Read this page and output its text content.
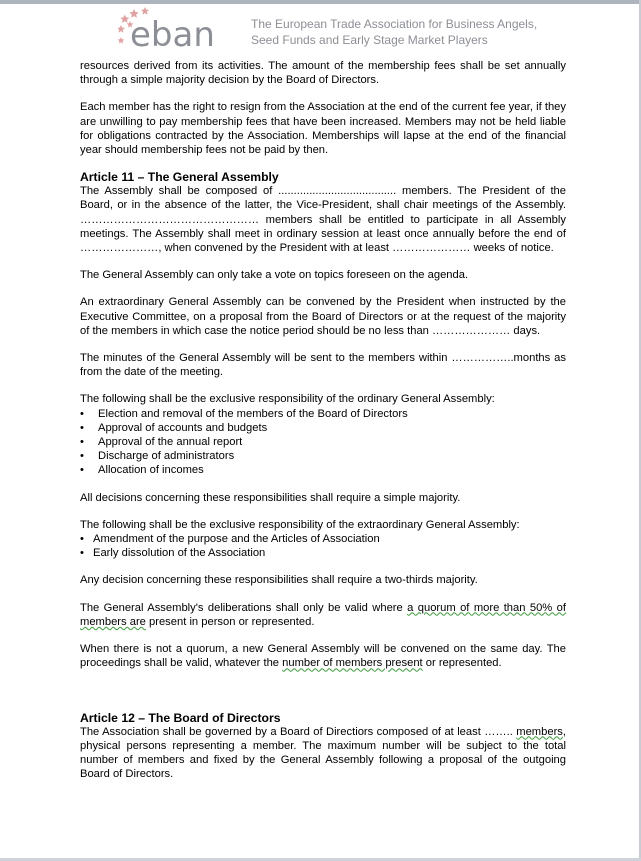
eban	The European Trade Association for Business Angels,
Seed Funds and Early Stage Market Players

resources derived from its activities. The amount of the membership fees shall be set annually through a simple majority decision by the Board of Directors.

Each member has the right to resign from the Association at the end of the current fee year, if they are unwilling to pay membership fees that have been increased. Members may not be held liable for obligations contracted by the Association. Memberships will lapse at the end of the financial year should membership fees not be paid by then.

Article 11 – The General Assembly

The Assembly shall be composed of ...................................... members. The President of the Board, or in the absence of the latter, the Vice-President, shall chair meetings of the Assembly. ………………………………………… members shall be entitled to participate in all Assembly meetings. The Assembly shall meet in ordinary session at least once annually before the end of …………………, when convened by the President with at least ………………… weeks of notice.

The General Assembly can only take a vote on topics foreseen on the agenda.

An extraordinary General Assembly can be convened by the President when instructed by the Executive Committee, on a proposal from the Board of Directors or at the request of the majority of the members in which case the notice period should be no less than ………………… days.

The minutes of the General Assembly will be sent to the members within ……………..months as from the date of the meeting.

The following shall be the exclusive responsibility of the ordinary General Assembly:

• Election and removal of the members of the Board of Directors
• Approval of accounts and budgets
• Approval of the annual report
• Discharge of administrators
• Allocation of incomes

All decisions concerning these responsibilities shall require a simple majority.

The following shall be the exclusive responsibility of the extraordinary General Assembly:

• Amendment of the purpose and the Articles of Association
• Early dissolution of the Association

Any decision concerning these responsibilities shall require a two-thirds majority.

The General Assembly's deliberations shall only be valid where a quorum of more than 50% of members are present in person or represented.

When there is not a quorum, a new General Assembly will be convened on the same day. The proceedings shall be valid, whatever the number of members present or represented.

Article 12 – The Board of Directors

The Association shall be governed by a Board of Directiors composed of at least …….. members, physical persons representing a member. The maximum number will be subject to the total number of members and fixed by the General Assembly following a proposal of the outgoing Board of Directors.
